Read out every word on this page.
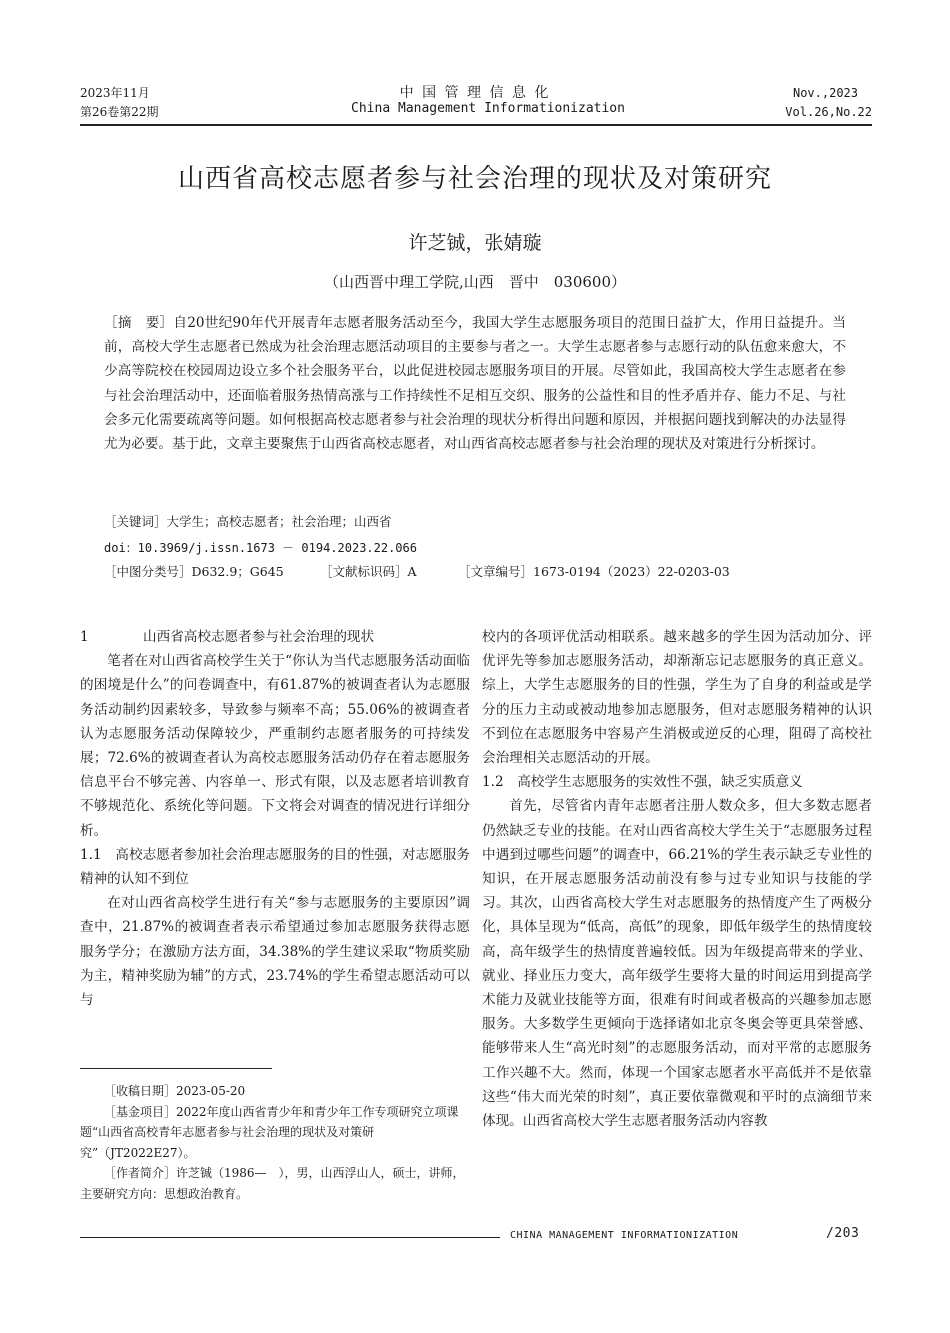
2023年11月
第26卷第22期
中 国 管 理 信 息 化
China Management Informationization
Nov.,2023
Vol.26,No.22
山西省高校志愿者参与社会治理的现状及对策研究
许芝铖，张婧璇
（山西晋中理工学院,山西　晋中　030600）
［摘　要］自20世纪90年代开展青年志愿者服务活动至今，我国大学生志愿服务项目的范围日益扩大，作用日益提升。当前，高校大学生志愿者已然成为社会治理志愿活动项目的主要参与者之一。大学生志愿者参与志愿行动的队伍愈来愈大，不少高等院校在校园周边设立多个社会服务平台，以此促进校园志愿服务项目的开展。尽管如此，我国高校大学生志愿者在参与社会治理活动中，还面临着服务热情高涨与工作持续性不足相互交织、服务的公益性和目的性矛盾并存、能力不足、与社会多元化需要疏离等问题。如何根据高校志愿者参与社会治理的现状分析得出问题和原因，并根据问题找到解决的办法显得尤为必要。基于此，文章主要聚焦于山西省高校志愿者，对山西省高校志愿者参与社会治理的现状及对策进行分析探讨。
［关键词］大学生；高校志愿者；社会治理；山西省
doi：10.3969/j.issn.1673 － 0194.2023.22.066
［中图分类号］D632.9；G645	［文献标识码］A	［文章编号］1673-0194（2023）22-0203-03

1　　　　山西省高校志愿者参与社会治理的现状

笔者在对山西省高校学生关于“你认为当代志愿服务活动面临的困境是什么”的问卷调查中，有61.87%的被调查者认为志愿服务活动制约因素较多，导致参与频率不高；55.06%的被调查者认为志愿服务活动保障较少，严重制约志愿者服务的可持续发展；72.6%的被调查者认为高校志愿服务活动仍存在着志愿服务信息平台不够完善、内容单一、形式有限，以及志愿者培训教育不够规范化、系统化等问题。下文将会对调查的情况进行详细分析。

1.1　高校志愿者参加社会治理志愿服务的目的性强，对志愿服务精神的认知不到位

在对山西省高校学生进行有关“参与志愿服务的主要原因”调查中，21.87%的被调查者表示希望通过参加志愿服务获得志愿服务学分；在激励方法方面，34.38%的学生建议采取“物质奖励为主，精神奖励为辅”的方式，23.74%的学生希望志愿活动可以与

校内的各项评优活动相联系。越来越多的学生因为活动加分、评优评先等参加志愿服务活动，却渐渐忘记志愿服务的真正意义。综上，大学生志愿服务的目的性强，学生为了自身的利益或是学分的压力主动或被动地参加志愿服务，但对志愿服务精神的认识不到位在志愿服务中容易产生消极或逆反的心理，阻碍了高校社会治理相关志愿活动的开展。

1.2　高校学生志愿服务的实效性不强，缺乏实质意义

首先，尽管省内青年志愿者注册人数众多，但大多数志愿者仍然缺乏专业的技能。在对山西省高校大学生关于“志愿服务过程中遇到过哪些问题”的调查中，66.21%的学生表示缺乏专业性的知识，在开展志愿服务活动前没有参与过专业知识与技能的学习。其次，山西省高校大学生对志愿服务的热情度产生了两极分化，具体呈现为“低高，高低”的现象，即低年级学生的热情度较高，高年级学生的热情度普遍较低。因为年级提高带来的学业、就业、择业压力变大，高年级学生要将大量的时间运用到提高学术能力及就业技能等方面，很难有时间或者极高的兴趣参加志愿服务。大多数学生更倾向于选择诸如北京冬奥会等更具荣誉感、能够带来人生“高光时刻”的志愿服务活动，而对平常的志愿服务工作兴趣不大。然而，体现一个国家志愿者水平高低并不是依靠这些“伟大而光荣的时刻”，真正要依靠微观和平时的点滴细节来体现。山西省高校大学生志愿者服务活动内容教

［收稿日期］2023-05-20

［基金项目］2022年度山西省青少年和青少年工作专项研究立项课题“山西省高校青年志愿者参与社会治理的现状及对策研究”（JT2022E27）。

［作者简介］许芝铖（1986—　），男，山西浮山人，硕士，讲师，主要研究方向：思想政治教育。

CHINA MANAGEMENT INFORMATIONIZATION	/203
